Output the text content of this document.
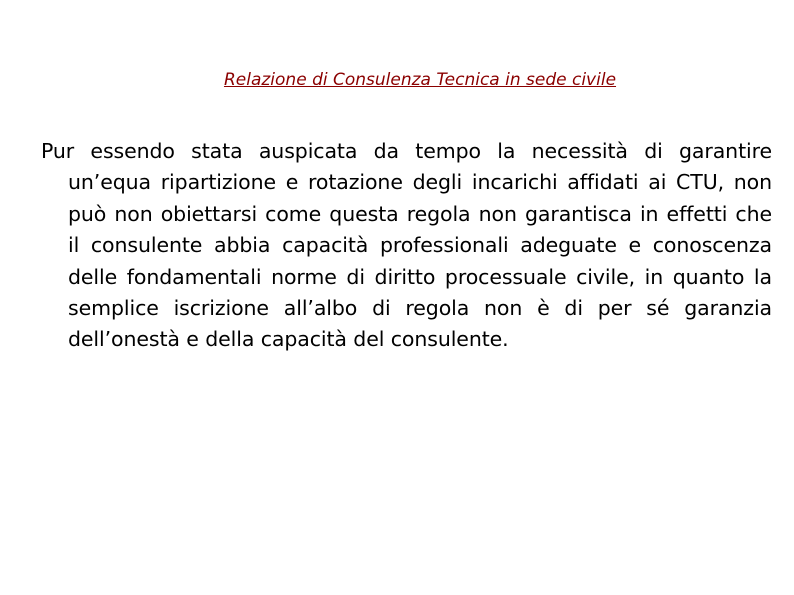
Relazione di Consulenza Tecnica in sede civile

Pur essendo stata auspicata da tempo la necessità di garantire un’equa ripartizione e rotazione degli incarichi affidati ai CTU, non può non obiettarsi come questa regola non garantisca in effetti che il consulente abbia capacità professionali adeguate e conoscenza delle fondamentali norme di diritto processuale civile, in quanto la semplice iscrizione all’albo di regola non è di per sé garanzia dell’onestà e della capacità del consulente.
